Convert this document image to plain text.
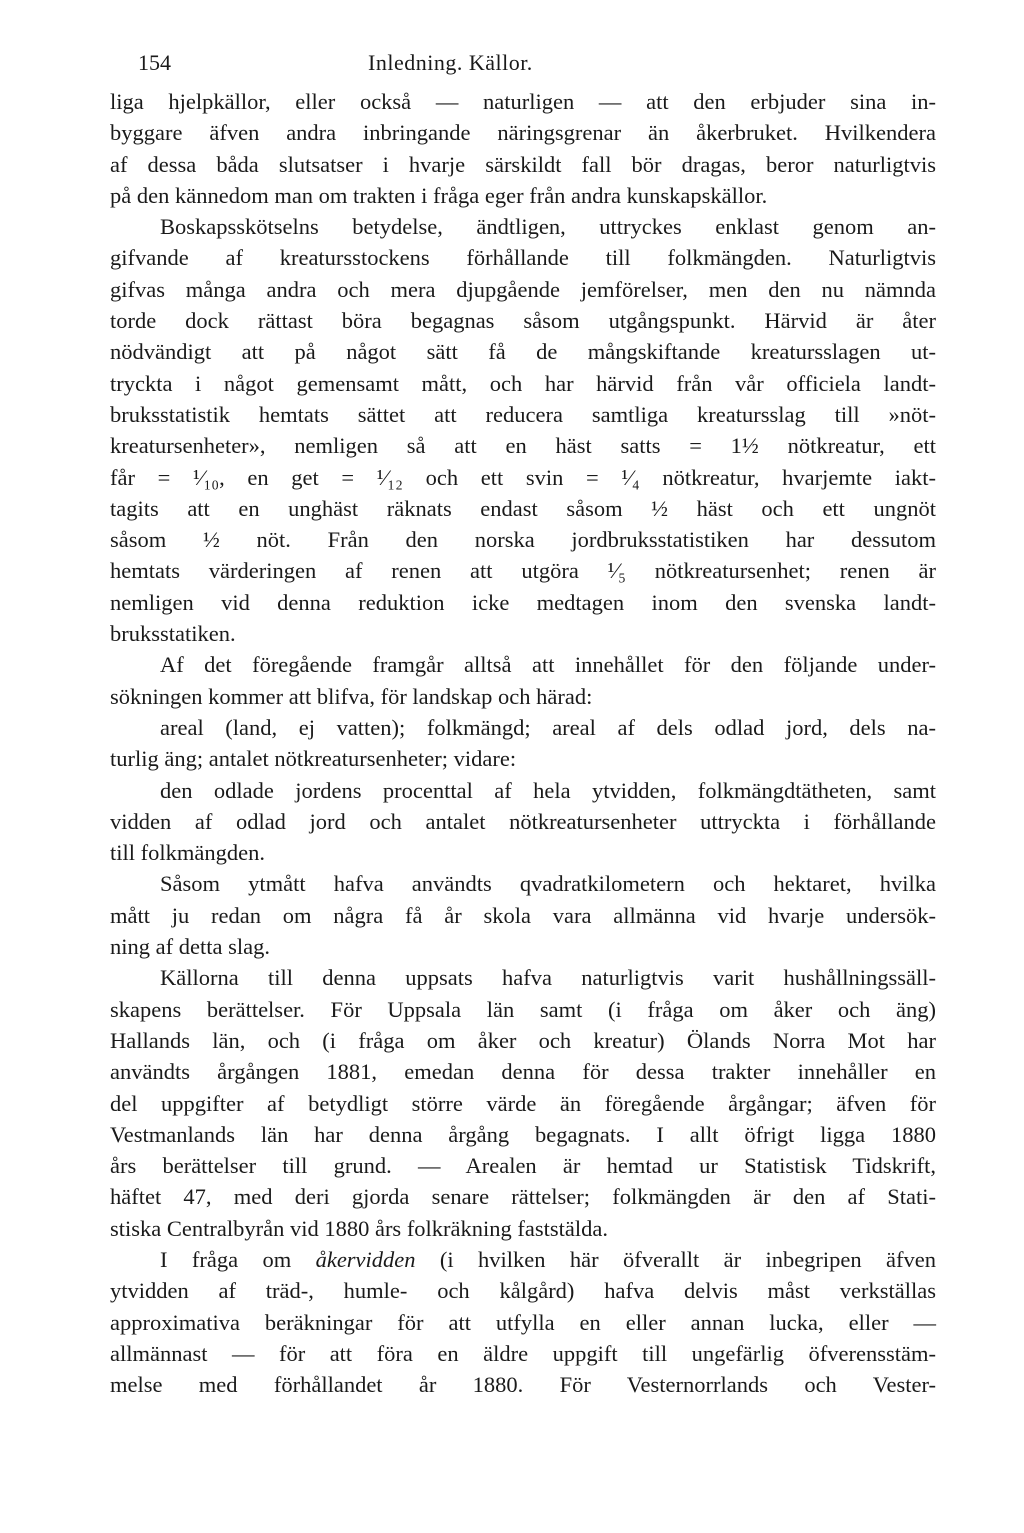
154	Inledning. Källor.
liga hjelpkällor, eller också — naturligen — att den erbjuder sina in-
byggare äfven andra inbringande näringsgrenar än åkerbruket. Hvilkendera
af dessa båda slutsatser i hvarje särskildt fall bör dragas, beror naturligtvis
på den kännedom man om trakten i fråga eger från andra kunskapskällor.
Boskapsskötselns betydelse, ändtligen, uttryckes enklast genom an-
gifvande af kreatursstockens förhållande till folkmängden. Naturligtvis
gifvas många andra och mera djupgående jemförelser, men den nu nämnda
torde dock rättast böra begagnas såsom utgångspunkt. Härvid är åter
nödvändigt att på något sätt få de mångskiftande kreatursslagen ut-
tryckta i något gemensamt mått, och har härvid från vår officiela landt-
bruksstatistik hemtats sättet att reducera samtliga kreatursslag till »nöt-
kreatursenheter», nemligen så att en häst satts = 1½ nötkreatur, ett
får = ¹⁄₁₀, en get = ¹⁄₁₂ och ett svin = ¹⁄₄ nötkreatur, hvarjemte iakt-
tagits att en unghäst räknats endast såsom ½ häst och ett ungnöt
såsom ½ nöt. Från den norska jordbruksstatistiken har dessutom
hemtats värderingen af renen att utgöra ¹⁄₅ nötkreatursenhet; renen är
nemligen vid denna reduktion icke medtagen inom den svenska landt-
bruksstatiken.
Af det föregående framgår alltså att innehållet för den följande under-
sökningen kommer att blifva, för landskap och härad:
areal (land, ej vatten); folkmängd; areal af dels odlad jord, dels na-
turlig äng; antalet nötkreatursenheter; vidare:
den odlade jordens procenttal af hela ytvidden, folkmängdtätheten, samt
vidden af odlad jord och antalet nötkreatursenheter uttryckta i förhållande
till folkmängden.
Såsom ytmått hafva användts qvadratkilometern och hektaret, hvilka
mått ju redan om några få år skola vara allmänna vid hvarje undersök-
ning af detta slag.
Källorna till denna uppsats hafva naturligtvis varit hushållningssäll-
skapens berättelser. För Uppsala län samt (i fråga om åker och äng)
Hallands län, och (i fråga om åker och kreatur) Ölands Norra Mot har
användts årgången 1881, emedan denna för dessa trakter innehåller en
del uppgifter af betydligt större värde än föregående årgångar; äfven för
Vestmanlands län har denna årgång begagnats. I allt öfrigt ligga 1880
års berättelser till grund. — Arealen är hemtad ur Statistisk Tidskrift,
häftet 47, med deri gjorda senare rättelser; folkmängden är den af Stati-
stiska Centralbyrån vid 1880 års folkräkning faststälda.
I fråga om åkervidden (i hvilken här öfverallt är inbegripen äfven
ytvidden af träd-, humle- och kålgård) hafva delvis måst verkställas
approximativa beräkningar för att utfylla en eller annan lucka, eller —
allmännast — för att föra en äldre uppgift till ungefärlig öfverensstäm-
melse med förhållandet år 1880. För Vesternorrlands och Vester-
